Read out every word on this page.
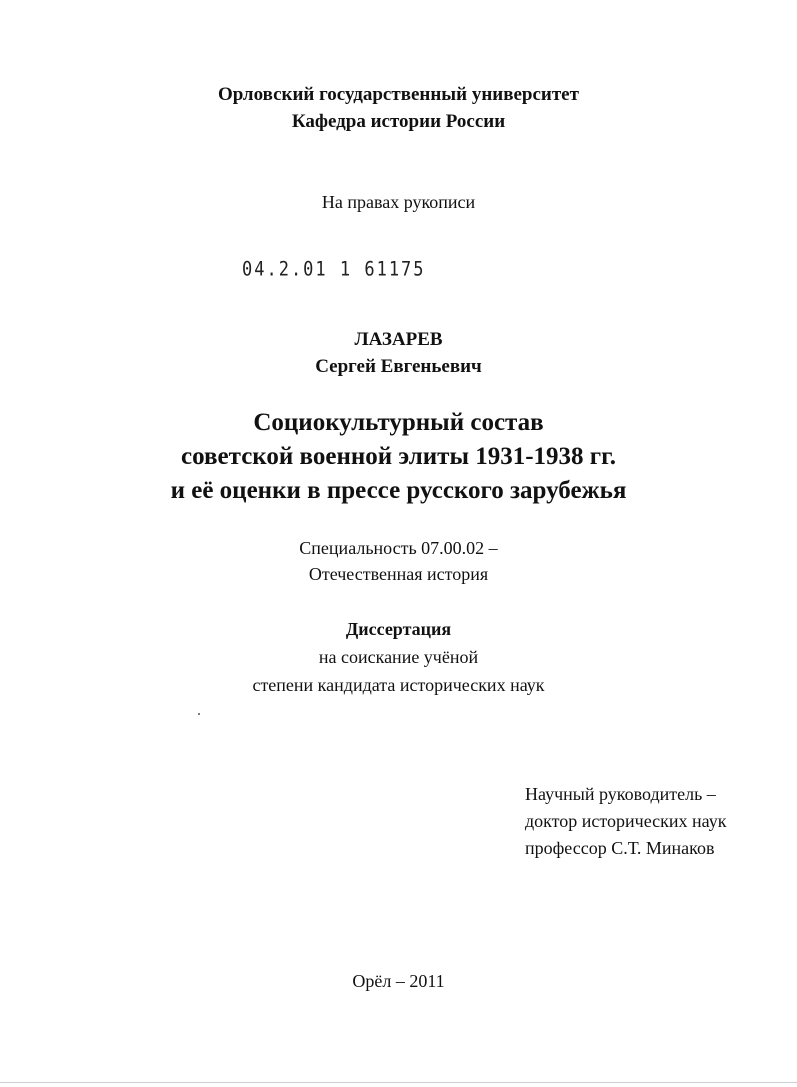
Орловский государственный университет
Кафедра истории России
На правах рукописи
04.2.01 1 61175
ЛАЗАРЕВ
Сергей Евгеньевич
Социокультурный состав
советской военной элиты 1931-1938 гг.
и её оценки в прессе русского зарубежья
Специальность 07.00.02 –
Отечественная история
Диссертация
на соискание учёной
степени кандидата исторических наук
Научный руководитель –
доктор исторических наук
профессор С.Т. Минаков
Орёл – 2011
